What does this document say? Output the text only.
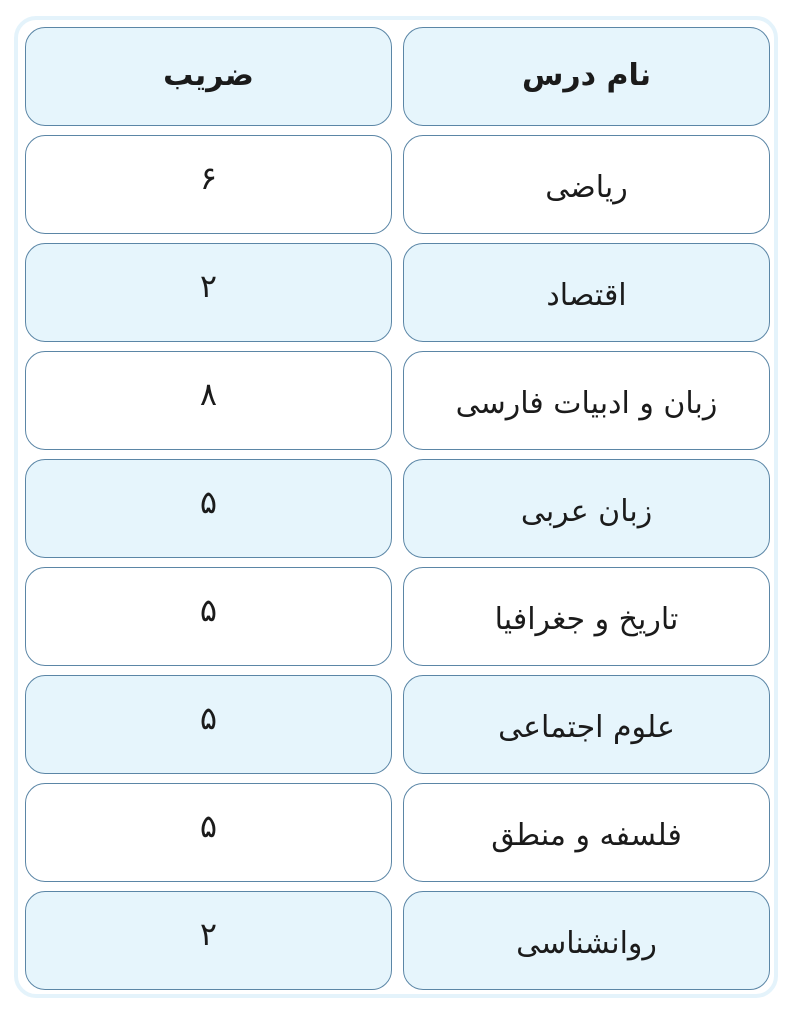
ضریب	نام درس
۶	ریاضی
۲	اقتصاد
۸	زبان و ادبیات فارسی
۵	زبان عربی
۵	تاریخ و جغرافیا
۵	علوم اجتماعی
۵	فلسفه و منطق
۲	روانشناسی
